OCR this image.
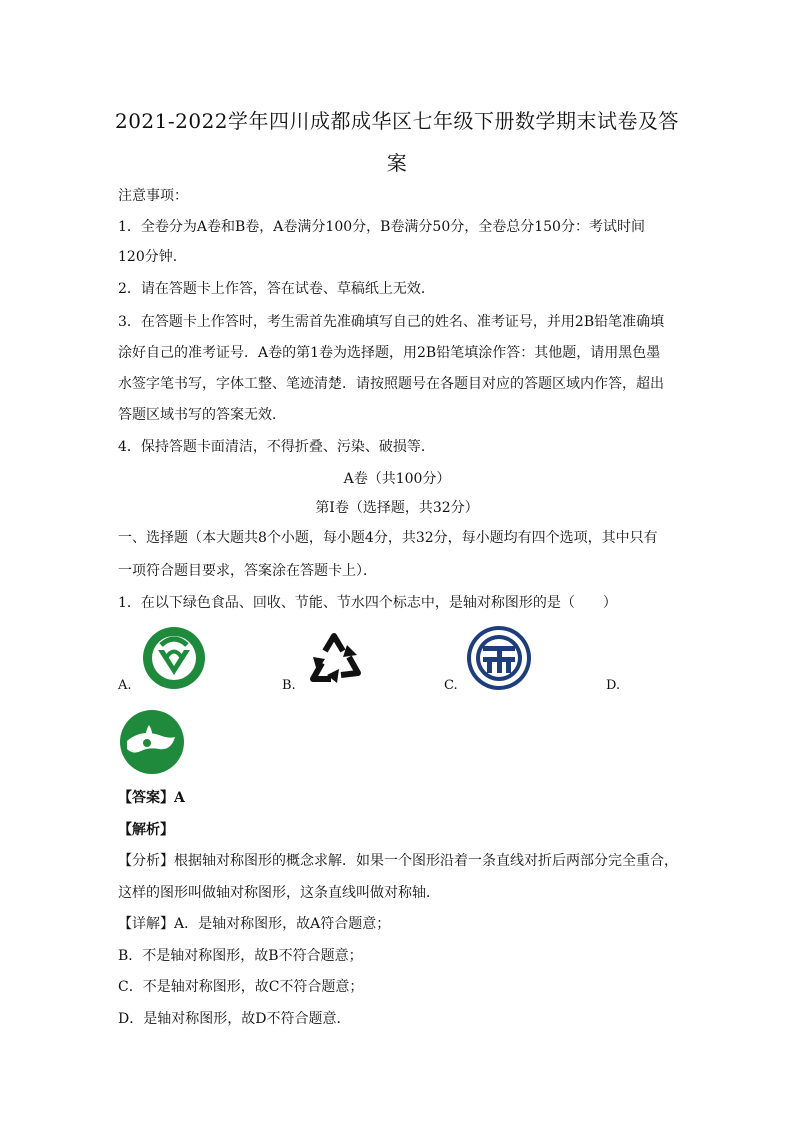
2021-2022学年四川成都成华区七年级下册数学期末试卷及答案
注意事项：
1．全卷分为A卷和B卷，A卷满分100分，B卷满分50分，全卷总分150分：考试时间
120分钟．
2．请在答题卡上作答，答在试卷、草稿纸上无效．
3．在答题卡上作答时，考生需首先准确填写自己的姓名、准考证号，并用2B铅笔准确填
涂好自己的准考证号．A卷的第1卷为选择题，用2B铅笔填涂作答：其他题，请用黑色墨
水签字笔书写，字体工整、笔迹清楚．请按照题号在各题目对应的答题区域内作答，超出
答题区域书写的答案无效．
4．保持答题卡面清洁，不得折叠、污染、破损等．
A卷（共100分）
第Ⅰ卷（选择题，共32分）
一、选择题（本大题共8个小题，每小题4分，共32分，每小题均有四个选项，其中只有
一项符合题目要求，答案涂在答题卡上）．
1．在以下绿色食品、回收、节能、节水四个标志中，是轴对称图形的是（　　）
A.	B.	C.	D.
【答案】A
【解析】
【分析】根据轴对称图形的概念求解．如果一个图形沿着一条直线对折后两部分完全重合，
这样的图形叫做轴对称图形，这条直线叫做对称轴．
【详解】A．是轴对称图形，故A符合题意；
B．不是轴对称图形，故B不符合题意；
C．不是轴对称图形，故C不符合题意；
D．是轴对称图形，故D不符合题意．
